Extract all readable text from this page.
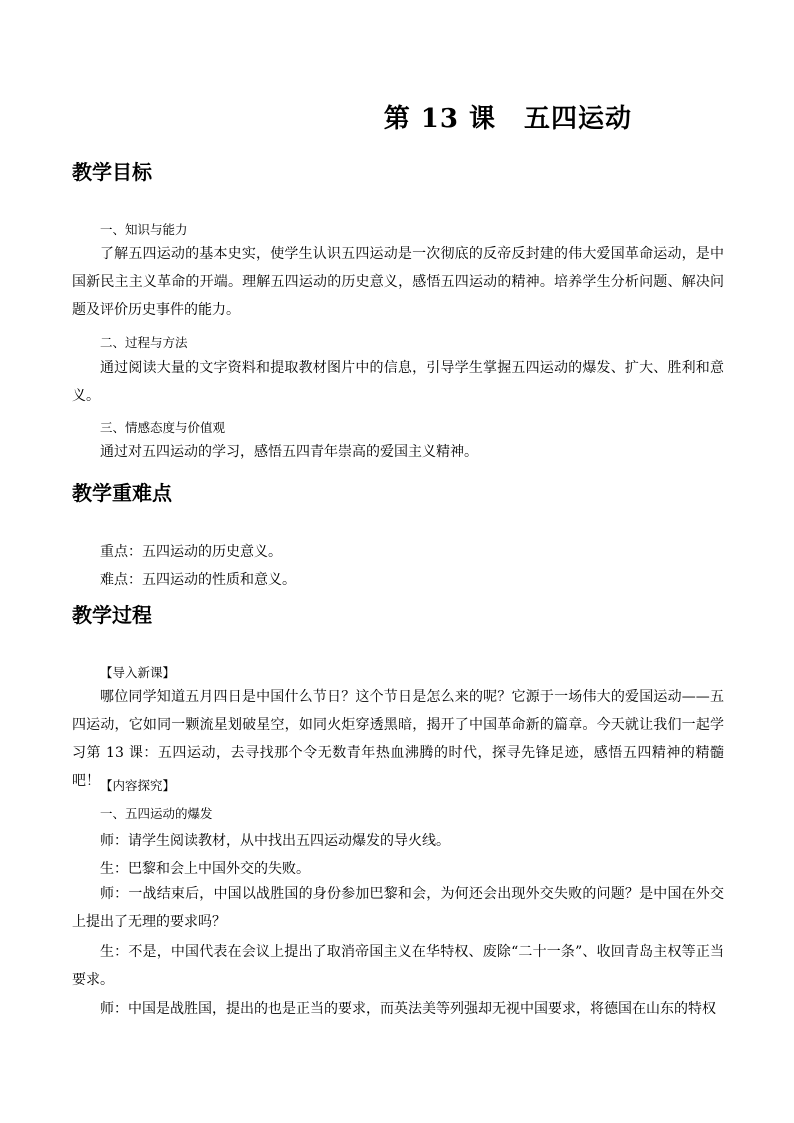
第 13 课 五四运动
教学目标
一、知识与能力

了解五四运动的基本史实，使学生认识五四运动是一次彻底的反帝反封建的伟大爱国革命运动，是中国新民主主义革命的开端。理解五四运动的历史意义，感悟五四运动的精神。培养学生分析问题、解决问题及评价历史事件的能力。

二、过程与方法

通过阅读大量的文字资料和提取教材图片中的信息，引导学生掌握五四运动的爆发、扩大、胜利和意义。

三、情感态度与价值观

通过对五四运动的学习，感悟五四青年崇高的爱国主义精神。

教学重难点
重点：五四运动的历史意义。
难点：五四运动的性质和意义。
教学过程
【导入新课】

哪位同学知道五月四日是中国什么节日？这个节日是怎么来的呢？它源于一场伟大的爱国运动——五四运动，它如同一颗流星划破星空，如同火炬穿透黑暗，揭开了中国革命新的篇章。今天就让我们一起学习第 13 课：五四运动，去寻找那个令无数青年热血沸腾的时代，探寻先锋足迹，感悟五四精神的精髓吧！ 【内容探究】
一、五四运动的爆发
师：请学生阅读教材，从中找出五四运动爆发的导火线。
生：巴黎和会上中国外交的失败。

师：一战结束后，中国以战胜国的身份参加巴黎和会，为何还会出现外交失败的问题？是中国在外交上提出了无理的要求吗？

生：不是，中国代表在会议上提出了取消帝国主义在华特权、废除“二十一条”、收回青岛主权等正当要求。

师：中国是战胜国，提出的也是正当的要求，而英法美等列强却无视中国要求，将德国在山东的特权
